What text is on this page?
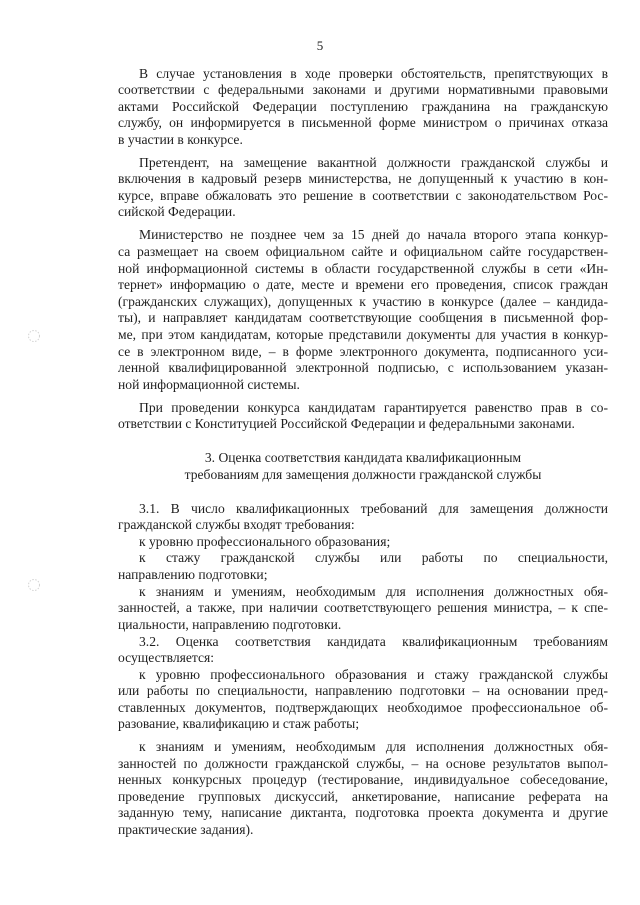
5
В случае установления в ходе проверки обстоятельств, препятствующих в
соответствии с федеральными законами и другими нормативными правовыми
актами Российской Федерации поступлению гражданина на гражданскую
службу, он информируется в письменной форме министром о причинах отказа
в участии в конкурсе.
Претендент, на замещение вакантной должности гражданской службы и
включения в кадровый резерв министерства, не допущенный к участию в кон-
курсе, вправе обжаловать это решение в соответствии с законодательством Рос-
сийской Федерации.
Министерство не позднее чем за 15 дней до начала второго этапа конкур-
са размещает на своем официальном сайте и официальном сайте государствен-
ной информационной системы в области государственной службы в сети «Ин-
тернет» информацию о дате, месте и времени его проведения, список граждан
(гражданских служащих), допущенных к участию в конкурсе (далее – кандида-
ты), и направляет кандидатам соответствующие сообщения в письменной фор-
ме, при этом кандидатам, которые представили документы для участия в конкур-
се в электронном виде, – в форме электронного документа, подписанного уси-
ленной квалифицированной электронной подписью, с использованием указан-
ной информационной системы.
При проведении конкурса кандидатам гарантируется равенство прав в со-
ответствии с Конституцией Российской Федерации и федеральными законами.
3. Оценка соответствия кандидата квалификационным
требованиям для замещения должности гражданской службы
3.1. В число квалификационных требований для замещения должности
гражданской службы входят требования:
к уровню профессионального образования;
к стажу гражданской службы или работы по специальности,
направлению подготовки;
к знаниям и умениям, необходимым для исполнения должностных обя-
занностей, а также, при наличии соответствующего решения министра, – к спе-
циальности, направлению подготовки.
3.2. Оценка соответствия кандидата квалификационным требованиям
осуществляется:
к уровню профессионального образования и стажу гражданской службы
или работы по специальности, направлению подготовки – на основании пред-
ставленных документов, подтверждающих необходимое профессиональное об-
разование, квалификацию и стаж работы;
к знаниям и умениям, необходимым для исполнения должностных обя-
занностей по должности гражданской службы, – на основе результатов выпол-
ненных конкурсных процедур (тестирование, индивидуальное собеседование,
проведение групповых дискуссий, анкетирование, написание реферата на
заданную тему, написание диктанта, подготовка проекта документа и другие
практические задания).
